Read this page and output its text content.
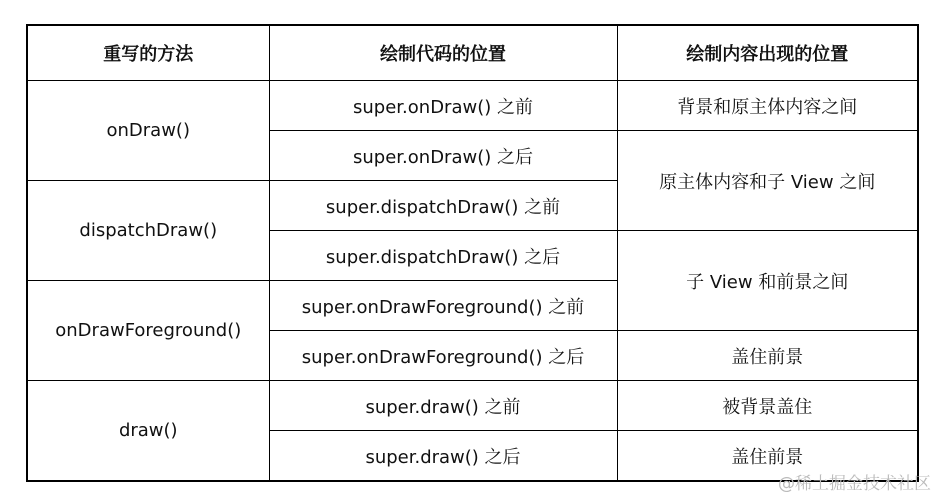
重写的方法	绘制代码的位置	绘制内容出现的位置
onDraw()	super.onDraw() 之前	背景和原主体内容之间
	super.onDraw() 之后	原主体内容和子 View 之间
dispatchDraw()	super.dispatchDraw() 之前	
	super.dispatchDraw() 之后	子 View 和前景之间
onDrawForeground()	super.onDrawForeground() 之前	
	super.onDrawForeground() 之后	盖住前景
draw()	super.draw() 之前	被背景盖住
	super.draw() 之后	盖住前景
@稀土掘金技术社区
